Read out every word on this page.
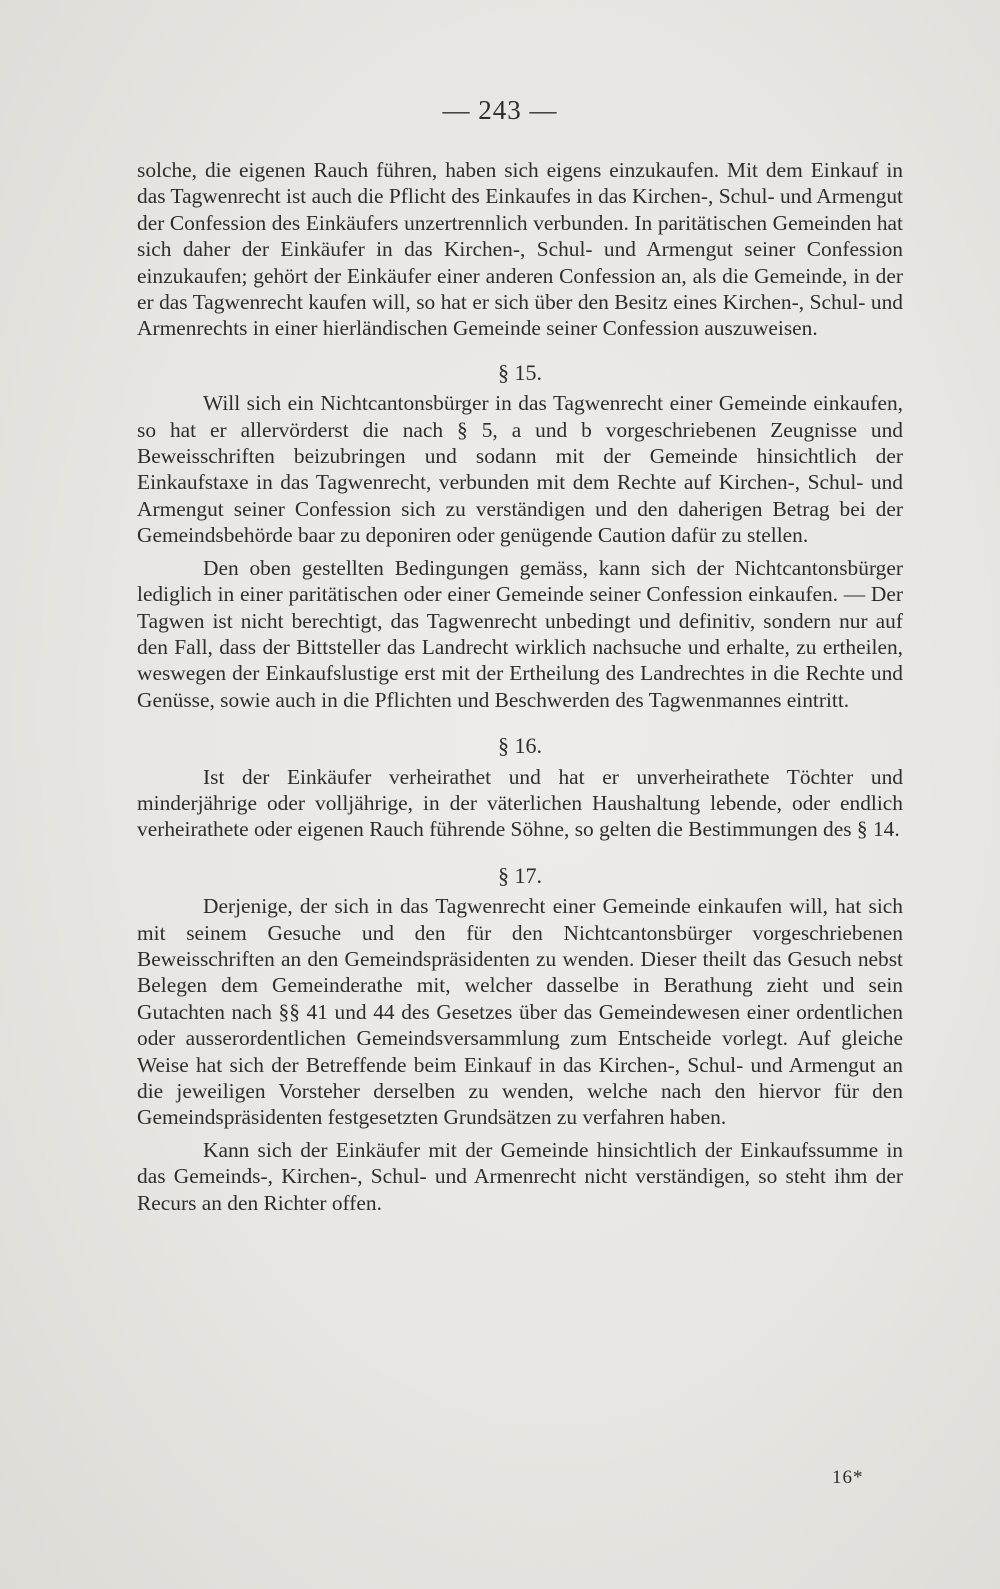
— 243 —

solche, die eigenen Rauch führen, haben sich eigens einzukaufen. Mit dem Einkauf in das Tagwenrecht ist auch die Pflicht des Einkaufes in das Kirchen-, Schul- und Armengut der Confession des Einkäufers unzertrennlich verbunden. In paritätischen Gemeinden hat sich daher der Einkäufer in das Kirchen-, Schul- und Armengut seiner Confession einzukaufen; gehört der Einkäufer einer anderen Confession an, als die Gemeinde, in der er das Tagwenrecht kaufen will, so hat er sich über den Besitz eines Kirchen-, Schul- und Armenrechts in einer hierländischen Gemeinde seiner Confession auszuweisen.

§ 15.

Will sich ein Nichtcantonsbürger in das Tagwenrecht einer Gemeinde einkaufen, so hat er allervörderst die nach § 5, a und b vorgeschriebenen Zeugnisse und Beweisschriften beizubringen und sodann mit der Gemeinde hinsichtlich der Einkaufstaxe in das Tagwenrecht, verbunden mit dem Rechte auf Kirchen-, Schul- und Armengut seiner Confession sich zu verständigen und den daherigen Betrag bei der Gemeindsbehörde baar zu deponiren oder genügende Caution dafür zu stellen.

Den oben gestellten Bedingungen gemäss, kann sich der Nichtcantonsbürger lediglich in einer paritätischen oder einer Gemeinde seiner Confession einkaufen. — Der Tagwen ist nicht berechtigt, das Tagwenrecht unbedingt und definitiv, sondern nur auf den Fall, dass der Bittsteller das Landrecht wirklich nachsuche und erhalte, zu ertheilen, weswegen der Einkaufslustige erst mit der Ertheilung des Landrechtes in die Rechte und Genüsse, sowie auch in die Pflichten und Beschwerden des Tagwenmannes eintritt.

§ 16.

Ist der Einkäufer verheirathet und hat er unverheirathete Töchter und minderjährige oder volljährige, in der väterlichen Haushaltung lebende, oder endlich verheirathete oder eigenen Rauch führende Söhne, so gelten die Bestimmungen des § 14.

§ 17.

Derjenige, der sich in das Tagwenrecht einer Gemeinde einkaufen will, hat sich mit seinem Gesuche und den für den Nichtcantonsbürger vorgeschriebenen Beweisschriften an den Gemeindspräsidenten zu wenden. Dieser theilt das Gesuch nebst Belegen dem Gemeinderathe mit, welcher dasselbe in Berathung zieht und sein Gutachten nach §§ 41 und 44 des Gesetzes über das Gemeindewesen einer ordentlichen oder ausserordentlichen Gemeindsversammlung zum Entscheide vorlegt. Auf gleiche Weise hat sich der Betreffende beim Einkauf in das Kirchen-, Schul- und Armengut an die jeweiligen Vorsteher derselben zu wenden, welche nach den hiervor für den Gemeindspräsidenten festgesetzten Grundsätzen zu verfahren haben.

Kann sich der Einkäufer mit der Gemeinde hinsichtlich der Einkaufssumme in das Gemeinds-, Kirchen-, Schul- und Armenrecht nicht verständigen, so steht ihm der Recurs an den Richter offen.

16*
